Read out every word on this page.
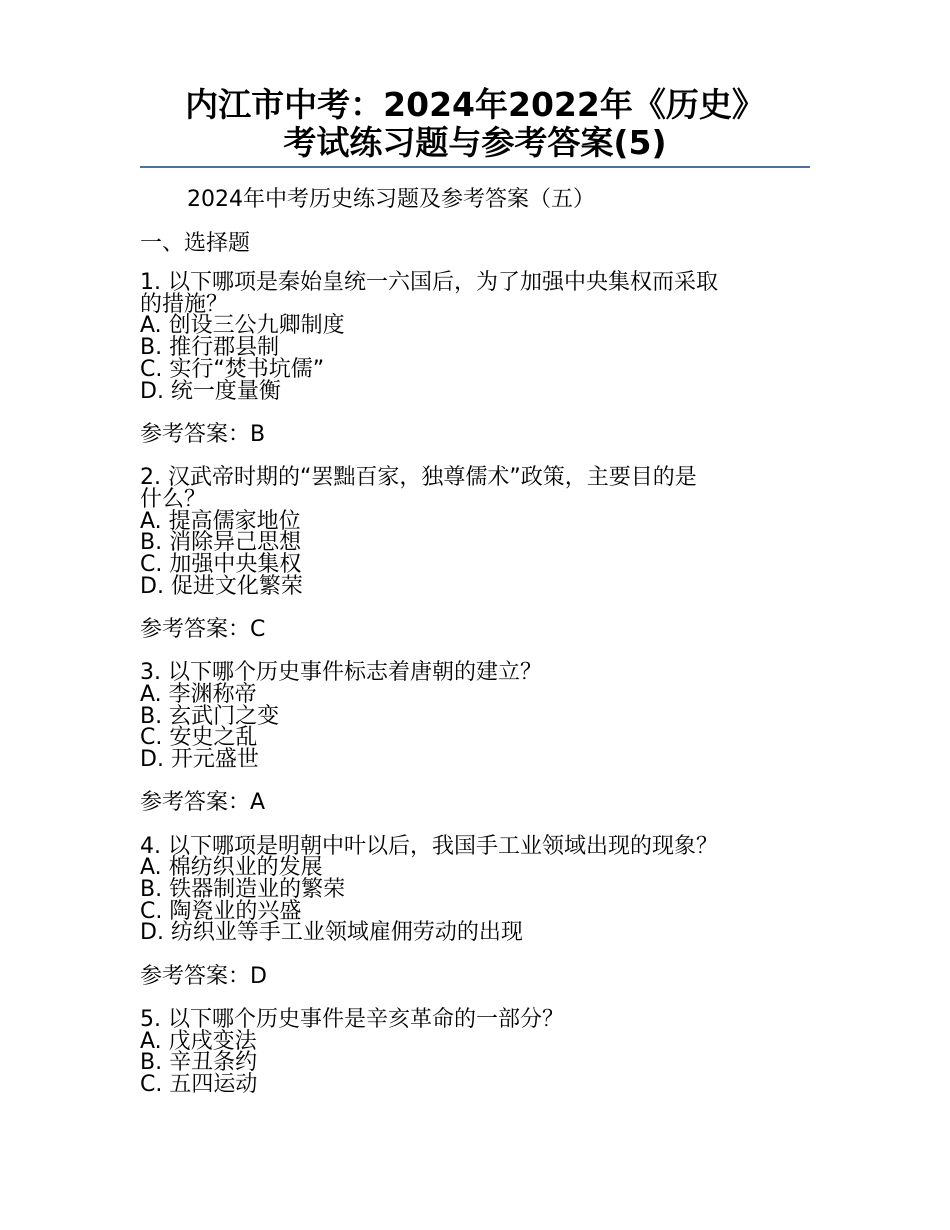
内江市中考：2024年2022年《历史》
考试练习题与参考答案(5)
2024年中考历史练习题及参考答案（五）
一、选择题
1. 以下哪项是秦始皇统一六国后，为了加强中央集权而采取
的措施？
A. 创设三公九卿制度
B. 推行郡县制
C. 实行“焚书坑儒”
D. 统一度量衡
参考答案：B
2. 汉武帝时期的“罢黜百家，独尊儒术”政策，主要目的是
什么？
A. 提高儒家地位
B. 消除异己思想
C. 加强中央集权
D. 促进文化繁荣
参考答案：C
3. 以下哪个历史事件标志着唐朝的建立？
A. 李渊称帝
B. 玄武门之变
C. 安史之乱
D. 开元盛世
参考答案：A
4. 以下哪项是明朝中叶以后，我国手工业领域出现的现象？
A. 棉纺织业的发展
B. 铁器制造业的繁荣
C. 陶瓷业的兴盛
D. 纺织业等手工业领域雇佣劳动的出现
参考答案：D
5. 以下哪个历史事件是辛亥革命的一部分？
A. 戊戌变法
B. 辛丑条约
C. 五四运动
